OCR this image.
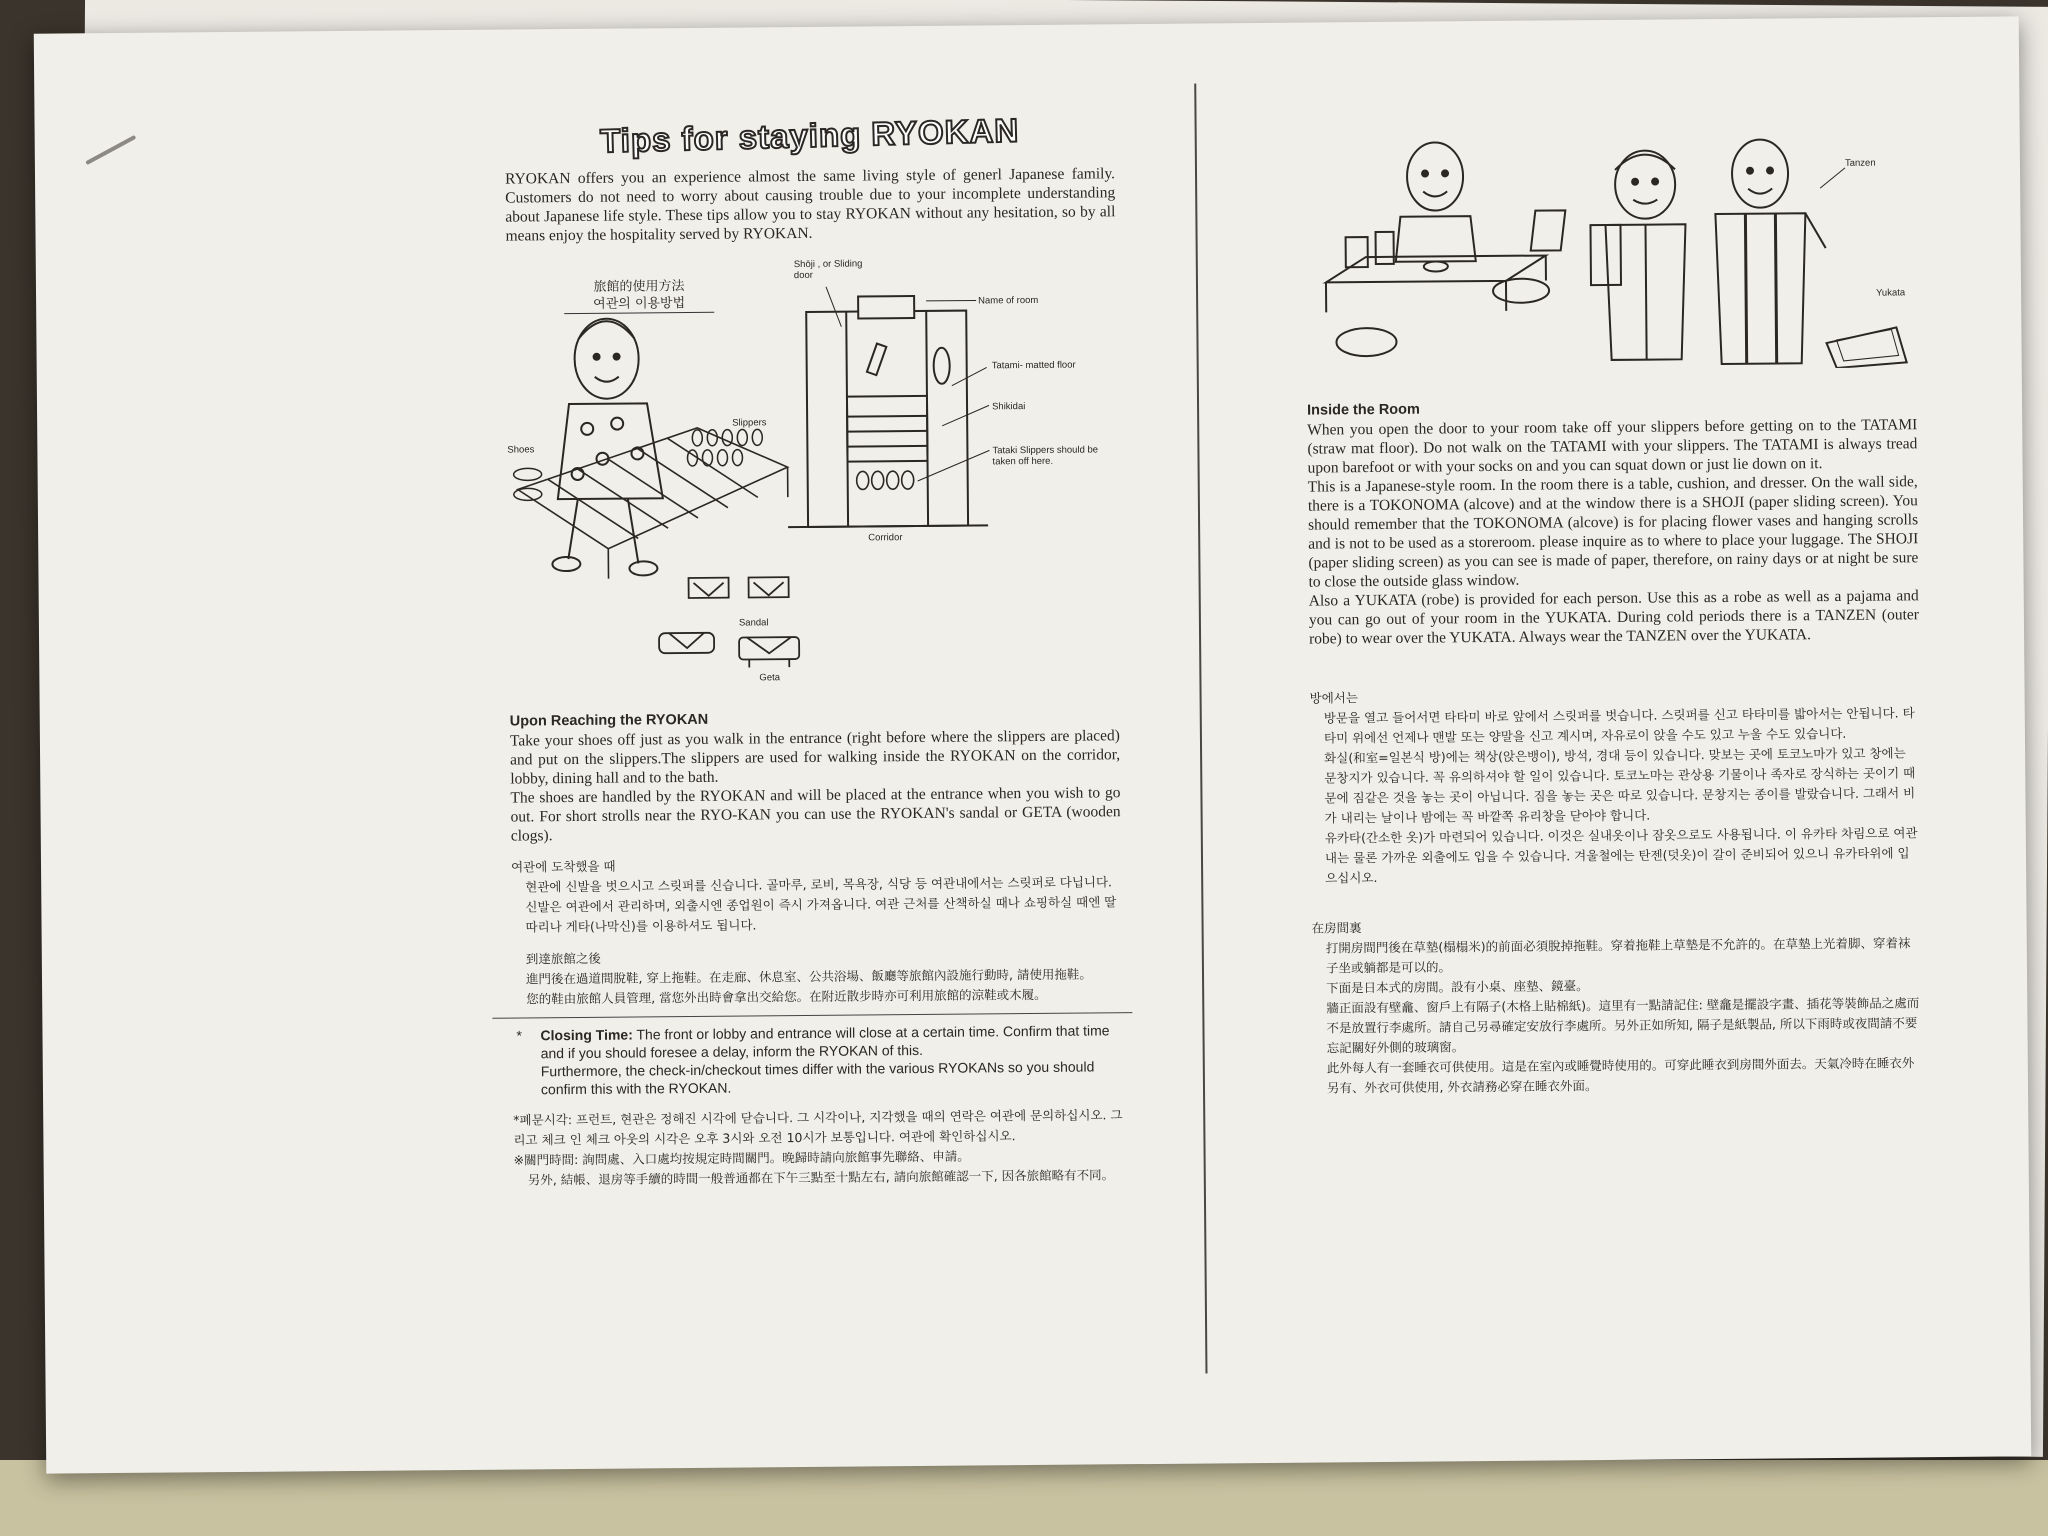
Tips for staying RYOKAN

RYOKAN offers you an experience almost the same living style of generl Japanese family. Customers do not need to worry about causing trouble due to your incomplete understanding about Japanese life style. These tips allow you to stay RYOKAN without any hesitation, so by all means enjoy the hospitality served by RYOKAN.

旅館的使用方法
여관의 이용방법
Shōji , or Sliding door
Name of room
Tatami- matted floor
Shikidai
Tataki Slippers should be taken off here.
Corridor
Shoes
Slippers
Sandal
Geta
Upon Reaching the RYOKAN

Take your shoes off just as you walk in the entrance (right before where the slippers are placed) and put on the slippers.The slippers are used for walking inside the RYOKAN on the corridor, lobby, dining hall and to the bath.

The shoes are handled by the RYOKAN and will be placed at the entrance when you wish to go out. For short strolls near the RYO-KAN you can use the RYOKAN's sandal or GETA (wooden clogs).

여관에 도착했을 때
현관에 신발을 벗으시고 스릿퍼를 신습니다. 골마루, 로비, 목욕장, 식당 등 여관내에서는 스릿퍼로 다닙니다.
신발은 여관에서 관리하며, 외출시엔 종업원이 즉시 가져옵니다. 여관 근처를 산책하실 때나 쇼핑하실 때엔 딸따리나 게타(나막신)를 이용하셔도 됩니다.
到達旅館之後
進門後在過道間脫鞋, 穿上拖鞋。在走廊、休息室、公共浴場、飯廳等旅館內設施行動時, 請使用拖鞋。
您的鞋由旅館人員管理, 當您外出時會拿出交給您。在附近散步時亦可利用旅館的涼鞋或木履。
* Closing Time: The front or lobby and entrance will close at a certain time. Confirm that time and if you should foresee a delay, inform the RYOKAN of this.
Furthermore, the check-in/checkout times differ with the various RYOKANs so you should confirm this with the RYOKAN.
*폐문시각: 프런트, 현관은 정해진 시각에 닫습니다. 그 시각이나, 지각했을 때의 연락은 여관에 문의하십시오. 그리고 체크 인 체크 아웃의 시각은 오후 3시와 오전 10시가 보통입니다. 여관에 확인하십시오.
※關門時間: 詢問處、入口處均按規定時間關門。晚歸時請向旅館事先聯絡、申請。
另外, 結帳、退房等手續的時間一般普通都在下午三點至十點左右, 請向旅館確認一下, 因各旅館略有不同。
Tanzen
Yukata
Inside the Room

When you open the door to your room take off your slippers before getting on to the TATAMI (straw mat floor). Do not walk on the TATAMI with your slippers. The TATAMI is always tread upon barefoot or with your socks on and you can squat down or just lie down on it.

This is a Japanese-style room. In the room there is a table, cushion, and dresser. On the wall side, there is a TOKONOMA (alcove) and at the window there is a SHOJI (paper sliding screen). You should remember that the TOKONOMA (alcove) is for placing flower vases and hanging scrolls and is not to be used as a storeroom. please inquire as to where to place your luggage. The SHOJI (paper sliding screen) as you can see is made of paper, therefore, on rainy days or at night be sure to close the outside glass window.

Also a YUKATA (robe) is provided for each person. Use this as a robe as well as a pajama and you can go out of your room in the YUKATA. During cold periods there is a TANZEN (outer robe) to wear over the YUKATA. Always wear the TANZEN over the YUKATA.

방에서는
방문을 열고 들어서면 타타미 바로 앞에서 스릿퍼를 벗습니다. 스릿퍼를 신고 타타미를 밟아서는 안됩니다. 타타미 위에선 언제나 맨발 또는 양말을 신고 계시며, 자유로이 앉을 수도 있고 누울 수도 있습니다.
화실(和室=일본식 방)에는 책상(앉은뱅이), 방석, 경대 등이 있습니다. 맞보는 곳에 토코노마가 있고 창에는 문창지가 있습니다. 꼭 유의하셔야 할 일이 있습니다. 토코노마는 관상용 기물이나 족자로 장식하는 곳이기 때문에 짐같은 것을 놓는 곳이 아닙니다. 짐을 놓는 곳은 따로 있습니다. 문창지는 종이를 발랐습니다. 그래서 비가 내리는 날이나 밤에는 꼭 바깥쪽 유리창을 닫아야 합니다.
유카타(간소한 옷)가 마련되어 있습니다. 이것은 실내옷이나 잠옷으로도 사용됩니다. 이 유카타 차림으로 여관내는 물론 가까운 외출에도 입을 수 있습니다. 겨울철에는 탄젠(덧옷)이 갈이 준비되어 있으니 유카타위에 입으십시오.
在房間裏
打開房間門後在草墊(榻榻米)的前面必須脫掉拖鞋。穿着拖鞋上草墊是不允許的。在草墊上光着脚、穿着袜子坐或躺都是可以的。
下面是日本式的房間。設有小桌、座墊、鏡臺。
牆正面設有壁龕、窗戶上有隔子(木格上貼棉紙)。這里有一點請記住: 壁龕是擺設字畫、插花等裝飾品之處而不是放置行李處所。請自己另尋確定安放行李處所。另外正如所知, 隔子是紙製品, 所以下雨時或夜間請不要忘記關好外側的玻璃窗。
此外每人有一套睡衣可供使用。這是在室內或睡覺時使用的。可穿此睡衣到房間外面去。天氣冷時在睡衣外另有、外衣可供使用, 外衣請務必穿在睡衣外面。
